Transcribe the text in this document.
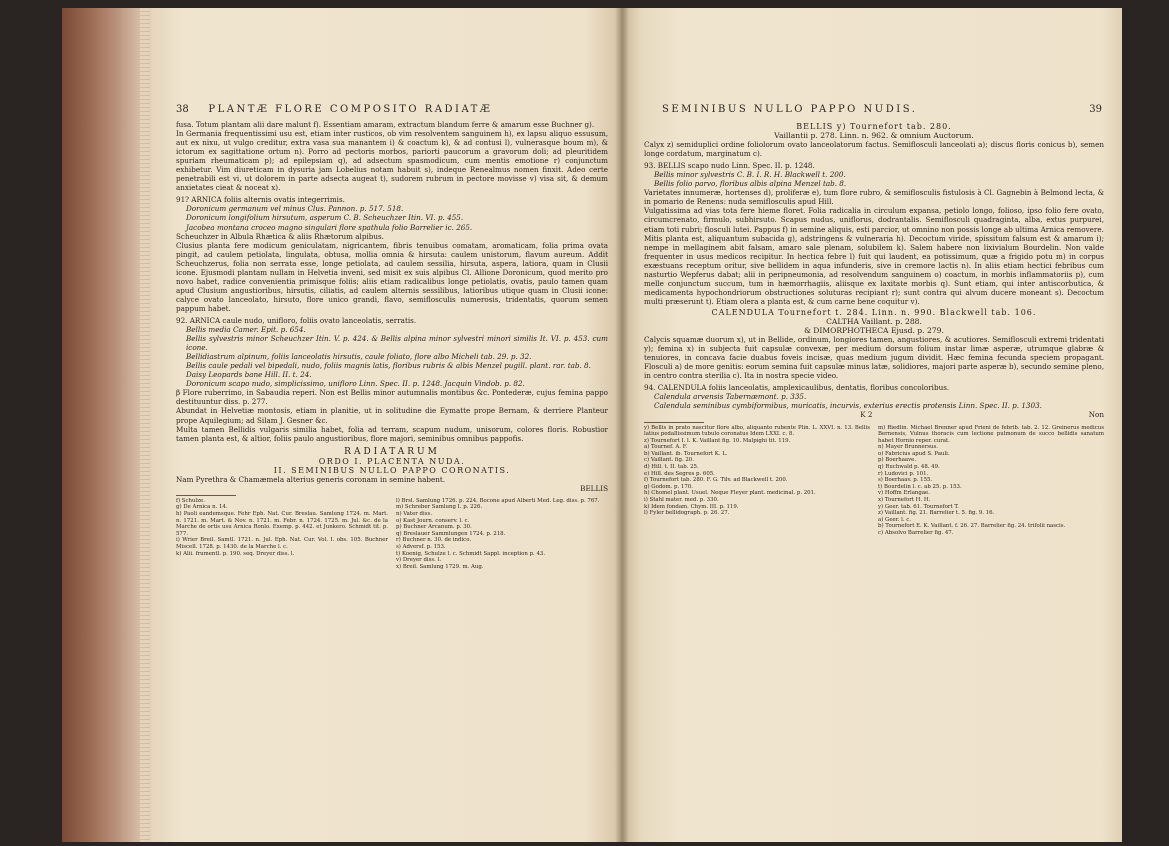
38 PLANTÆ FLORE COMPOSITO RADIATÆ

fusa. Totum plantam alii dare malunt f). Essentiam amaram, extractum blandum ferre & amarum esse Buchner g).

In Germania frequentissimi usu est, etiam inter rusticos, ob vim resolventem sanguinem h), ex lapsu aliquo essusum, aut ex nixu, ut vulgo creditur, extra vasa sua manantem i) & coactum k), & ad contusi l), vulnerasque boum m), & ictorum ex sagittatione ortum n). Porro ad pectoris morbos, pariorti paucorum a gravorum doli; ad pleuritidem spuriam rheumaticam p); ad epilepsiam q), ad adsectum spasmodicum, cum mentis emotione r) conjunctum exhibetur. Vim diureticam in dysuria jam Lobelius notam habuit s), indeque Renealmus nomen finxit. Adeo certe penetrabili est vi, ut dolorem in parte adsecta augeat t), sudorem rubrum in pectore movisse v) visa sit, & demum anxietates cieat & noceat x).

91? ARNICA foliis alternis ovatis integerrimis.

Doronicum germanum vel minus Clus. Pannon. p. 517. 518.

Doronicum longifolium hirsutum, asperum C. B. Scheuchzer Itin. VI. p. 455.

Jacobea montana croceo magno singulari flore spathula folio Barrelier ic. 265.

Scheuchzer in Albula Rhætica & aliis Rhætorum alpibus.

Clusius planta fere modicum geniculatam, nigricantem, fibris tenuibus comatam, aromaticam, folia prima ovata pingit, ad caulem petiolata, lingulata, obtusa, mollia omnia & hirsuta: caulem unistorum, flavum aureum. Addit Scheuchzerus, folia non serrata esse, longe petiolata, ad caulem sessilia, hirsuta, aspera, latiora, quam in Clusii icone. Ejusmodi plantam nullam in Helvetia inveni, sed misit ex suis alpibus Cl. Allione Doronicum, quod merito pro novo habet, radice convenientia primisque foliis; aliis etiam radicalibus longe petiolatis, ovatis, paulo tamen quam apud Clusium angustioribus, hirsutis, ciliatis, ad caulem alternis sessilibus, latioribus utique quam in Clusii icone: calyce ovato lanceolato, hirsuto, flore unico grandi, flavo, semiflosculis numerosis, tridentatis, quorum semen pappum habet.

92. ARNICA caule nudo, unifloro, foliis ovato lanceolatis, serratis.

Bellis media Camer. Epit. p. 654.

Bellis sylvestris minor Scheuchzer Itin. V. p. 424. & Bellis alpina minor sylvestri minori similis It. VI. p. 453. cum icone.

Bellidiastrum alpinum, foliis lanceolatis hirsutis, caule foliato, flore albo Micheli tab. 29. p. 32.

Bellis caule pedali vel bipedali, nudo, foliis magnis latis, floribus rubris & albis Menzel pugill. plant. rar. tab. 8.

Daisy Leopards bane Hill. II. t. 24.

Doronicum scapo nudo, simplicissimo, unifloro Linn. Spec. II. p. 1248. Jacquin Vindob. p. 82.

β Flore ruberrimo, in Sabaudia reperi. Non est Bellis minor autumnalis montibus &c. Pontederæ, cujus femina pappo destituuntur diss. p. 277.

Abundat in Helvetiæ montosis, etiam in planitie, ut in solitudine die Eymatte prope Bernam, & derriere Planteur prope Aquilegium; ad Silam J. Gesner &c.

Multa tamen Bellidis vulgaris similia habet, folia ad terram, scapum nudum, unisorum, colores floris. Robustior tamen planta est, & altior, foliis paulo angustioribus, flore majori, seminibus omnibus pappofis.

RADIATARUM

ORDO I. PLACENTA NUDA.

II. SEMINIBUS NULLO PAPPO CORONATIS.

Nam Pyrethra & Chamæmela alterius generis coronam in semine habent.

BELLIS

f) Schulze.

g) De Arnica n. 14.

h) Paoli eandemsque. Fehr Eph. Nat. Cur. Breslau. Samlung 1724. m. Mart. n. 1721. m. Mart. & Nov. n. 1721. m. Febr. n. 1724. 1725. m. Jul. &c. de la Marche de ortis usu Arnica Ronlo. Exemp. p. 442. et Junkero. Schmidt tit. p. 577.

i) Wrier Breil. Samtl. 1721. n. Jul. Eph. Nat. Cur. Vol. I. obs. 105. Buchner Miscell. 1728. p. 1430. de la Marche l. c.

k) Alii. frumentl. p. 190. seq. Dreyer diss. l.

l) Brsl. Samlung 1726. p. 224. Bocone apud Alberti Med. Leg. diss. p. 767.

m) Schreber Samlung I. p. 226.

n) Vater diss.

o) Kast Journ. conserv. l. c.

p) Buchner Arcanum. p. 30.

q) Breslauer Sammlungen 1724. p. 218.

r) Buchner n. 30. de indico.

s) Adversf. p. 153.

t) Koenig, Schulze l. c. Schmidt Sappl. inception p. 43.

v) Dreyer diss. l.

x) Breil. Samlung 1729. m. Aug.

SEMINIBUS NULLO PAPPO NUDIS.	39

BELLIS y) Tournefort tab. 280.

Vaillantii p. 278. Linn. n. 962. & omnium Auctorum.

Calyx z) semiduplici ordine foliolorum ovato lanceolatorum factus. Semiflosculi lanceolati a); discus floris conicus b), semen longe cordatum, marginatum c).

93. BELLIS scapo nudo Linn. Spec. II. p. 1248.

Bellis minor sylvestris C. B. I. R. H. Blackwell t. 200.

Bellis folio parvo, floribus albis alpina Menzel tab. 8.

Varietates innumeræ, hortenses d), proliferæ e), tum flore rubro, & semiflosculis fistulosis à Cl. Gagnebin à Belmond lecta, & in pomario de Renens: nuda semiflosculis apud Hill.

Vulgatissima ad vias tota fere hieme floret. Folia radicalia in circulum expansa, petiolo longo, folioso, ipso folio fere ovato, circumcrenato, firmulo, subhirsuto. Scapus nudus, uniflorus, dodrantalis. Semiflosculi quadraginta, alba, extus purpurei, etiam toti rubri; flosculi lutei. Pappus f) in semine aliquis, esti parcior, ut omnino non possis longe ab ultima Arnica removere.

Mitis planta est, aliquantum subacida g), adstringens & vulneraria h). Decoctum viride, spissitum falsum est & amarum i); nempe in mellaginem abit falsam, amaro sale plenam, solubilem k). Salem habere non lixivialum Bourdelin. Non valde frequenter in usus medicos recipitur. In hectica febre l) fuit qui laudent, ea potissimum, quæ a frigido potu m) in corpus exæstuans receptum oritur, sive bellidem in aqua infunderis, sive in cremore lactis n). In aliis etiam hectici febribus cum nasturtio Wepferus dabat; alii in peripneumonia, ad resolvendum sanguinem o) coactum, in morbis inflammatoriis p), cum melle conjunctum succum, tum in hæmorrhagiis, aliisque ex laxitate morbis q). Sunt etiam, qui inter antiscorbutica, & medicamenta hypochondriorum obstructiones soluturas recipiant r); sunt contra qui alvum ducere moneant s). Decoctum multi præserunt t). Etiam olera a planta est, & cum carne bene coquitur v).

CALENDULA Tournefort t. 284. Linn. n. 990. Blackwell tab. 106.

CALTHA Vaillant. p. 288.

& DIMORPHOTHECA Ejusd. p. 279.

Calycis squamæ duorum x), ut in Bellide, ordinum, longiores tamen, angustiores, & acutiores. Semiflosculi extremi tridentati y); femina x) in subjecta fuit capsulæ convexæ, per medium dorsum folium instar limæ asperæ, utrumque glabræ & tenuiores, in concava facie duabus foveis incisæ, quas medium jugum dividit. Hæc femina fecunda speciem propagant. Flosculi a) de more genitis: eorum semina fuit capsulæ minus latæ, solidiores, majori parte asperæ b), secundo semine pleno, in centro contra sterilia c). Ita in nostra specie video.

94. CALENDULA foliis lanceolatis, amplexicaulibus, dentatis, floribus concoloribus.

Calendula arvensis Tabernæmont. p. 335.

Calendula seminibus cymbiformibus, muricatis, incurvis, exterius erectis protensis Linn. Spec. II. p. 1303.

K 2	Non

y) Bellis in prato nascitur flore albo, aliquanto rubente Plin. L. XXVI. n. 13. Bellis latius pedallissimum tubulo coronatus Idem LXXI. c. 8.

z) Tournefort I. l. K. Vaillant fig. 10. Malpighi tit. 119.

a) Tournef. A. F.

b) Vaillant. ib. Tournefort K. L.

c) Vaillant. fig. 20.

d) Hill. t. II. tab. 25.

e) Hill. des Segres p. 605.

f) Tournefort tab. 280. F. G. Tilv. ad Blackwell t. 200.

g) Godom. p. 170.

h) Chomel plant. Usuel. Neque Fleyer plant. medicinal. p. 201.

i) Stahl mater. med. p. 330.

k) Idem fondam. Chym. III. p. 119.

l) Fyler bellidograph. p. 26. 27.

m) Riedlin. Michael Brenner apud Frieni de febrib. tab. 2. 12. Greinerus medicus Bernensis, Vulnus thoracis cum lectione pulmonum de succo bellidis sanatum habet Hornio reper. curat.

n) Mayer Brunnersus.

o) Fabricius apud S. Pauli.

p) Boerhaave.

q) Ruchwald p. 48. 49.

r) Ludovici p. 101.

s) Boerhaav. p. 155.

t) Bourdelin l. c. ab 25. p. 153.

v) Hoffm Erlangae.

x) Tournefort H. H.

y) Geer. tab. 61. Tournefort T.

z) Vaillant. fig. 21. Barrelier t. 5. fig. 9. 16.

a) Geer. l. c.

b) Tournefort E. K. Vaillant. f. 26. 27. Barrelier fig. 24. trifolii nascis.

c) Absolvo Barrelier fig. 47.
